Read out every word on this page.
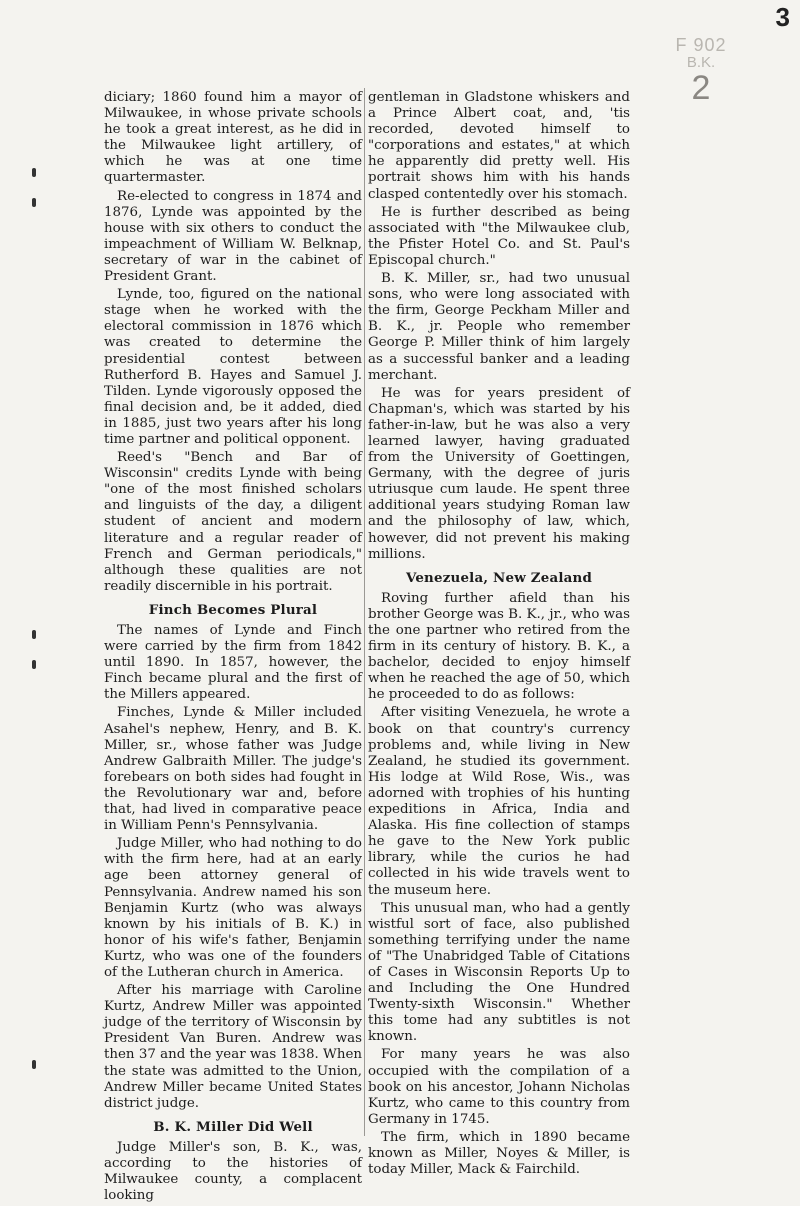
3
F 902
B.K.
2

diciary; 1860 found him a mayor of Milwaukee, in whose private schools he took a great interest, as he did in the Milwaukee light artillery, of which he was at one time quartermaster.

Re-elected to congress in 1874 and 1876, Lynde was appointed by the house with six others to conduct the impeachment of William W. Belknap, secretary of war in the cabinet of President Grant.

Lynde, too, figured on the national stage when he worked with the electoral commission in 1876 which was created to determine the presidential contest between Rutherford B. Hayes and Samuel J. Tilden. Lynde vigorously opposed the final decision and, be it added, died in 1885, just two years after his long time partner and political opponent.

Reed's "Bench and Bar of Wisconsin" credits Lynde with being "one of the most finished scholars and linguists of the day, a diligent student of ancient and modern literature and a regular reader of French and German periodicals," although these qualities are not readily discernible in his portrait.

Finch Becomes Plural

The names of Lynde and Finch were carried by the firm from 1842 until 1890. In 1857, however, the Finch became plural and the first of the Millers appeared.

Finches, Lynde & Miller included Asahel's nephew, Henry, and B. K. Miller, sr., whose father was Judge Andrew Galbraith Miller. The judge's forebears on both sides had fought in the Revolutionary war and, before that, had lived in comparative peace in William Penn's Pennsylvania.

Judge Miller, who had nothing to do with the firm here, had at an early age been attorney general of Pennsylvania. Andrew named his son Benjamin Kurtz (who was always known by his initials of B. K.) in honor of his wife's father, Benjamin Kurtz, who was one of the founders of the Lutheran church in America.

After his marriage with Caroline Kurtz, Andrew Miller was appointed judge of the territory of Wisconsin by President Van Buren. Andrew was then 37 and the year was 1838. When the state was admitted to the Union, Andrew Miller became United States district judge.

B. K. Miller Did Well

Judge Miller's son, B. K., was, according to the histories of Milwaukee county, a complacent looking

gentleman in Gladstone whiskers and a Prince Albert coat, and, 'tis recorded, devoted himself to "corporations and estates," at which he apparently did pretty well. His portrait shows him with his hands clasped contentedly over his stomach.

He is further described as being associated with "the Milwaukee club, the Pfister Hotel Co. and St. Paul's Episcopal church."

B. K. Miller, sr., had two unusual sons, who were long associated with the firm, George Peckham Miller and B. K., jr. People who remember George P. Miller think of him largely as a successful banker and a leading merchant.

He was for years president of Chapman's, which was started by his father-in-law, but he was also a very learned lawyer, having graduated from the University of Goettingen, Germany, with the degree of juris utriusque cum laude. He spent three additional years studying Roman law and the philosophy of law, which, however, did not prevent his making millions.

Venezuela, New Zealand

Roving further afield than his brother George was B. K., jr., who was the one partner who retired from the firm in its century of history. B. K., a bachelor, decided to enjoy himself when he reached the age of 50, which he proceeded to do as follows:

After visiting Venezuela, he wrote a book on that country's currency problems and, while living in New Zealand, he studied its government. His lodge at Wild Rose, Wis., was adorned with trophies of his hunting expeditions in Africa, India and Alaska. His fine collection of stamps he gave to the New York public library, while the curios he had collected in his wide travels went to the museum here.

This unusual man, who had a gently wistful sort of face, also published something terrifying under the name of "The Unabridged Table of Citations of Cases in Wisconsin Reports Up to and Including the One Hundred Twenty-sixth Wisconsin." Whether this tome had any subtitles is not known.

For many years he was also occupied with the compilation of a book on his ancestor, Johann Nicholas Kurtz, who came to this country from Germany in 1745.

The firm, which in 1890 became known as Miller, Noyes & Miller, is today Miller, Mack & Fairchild.
